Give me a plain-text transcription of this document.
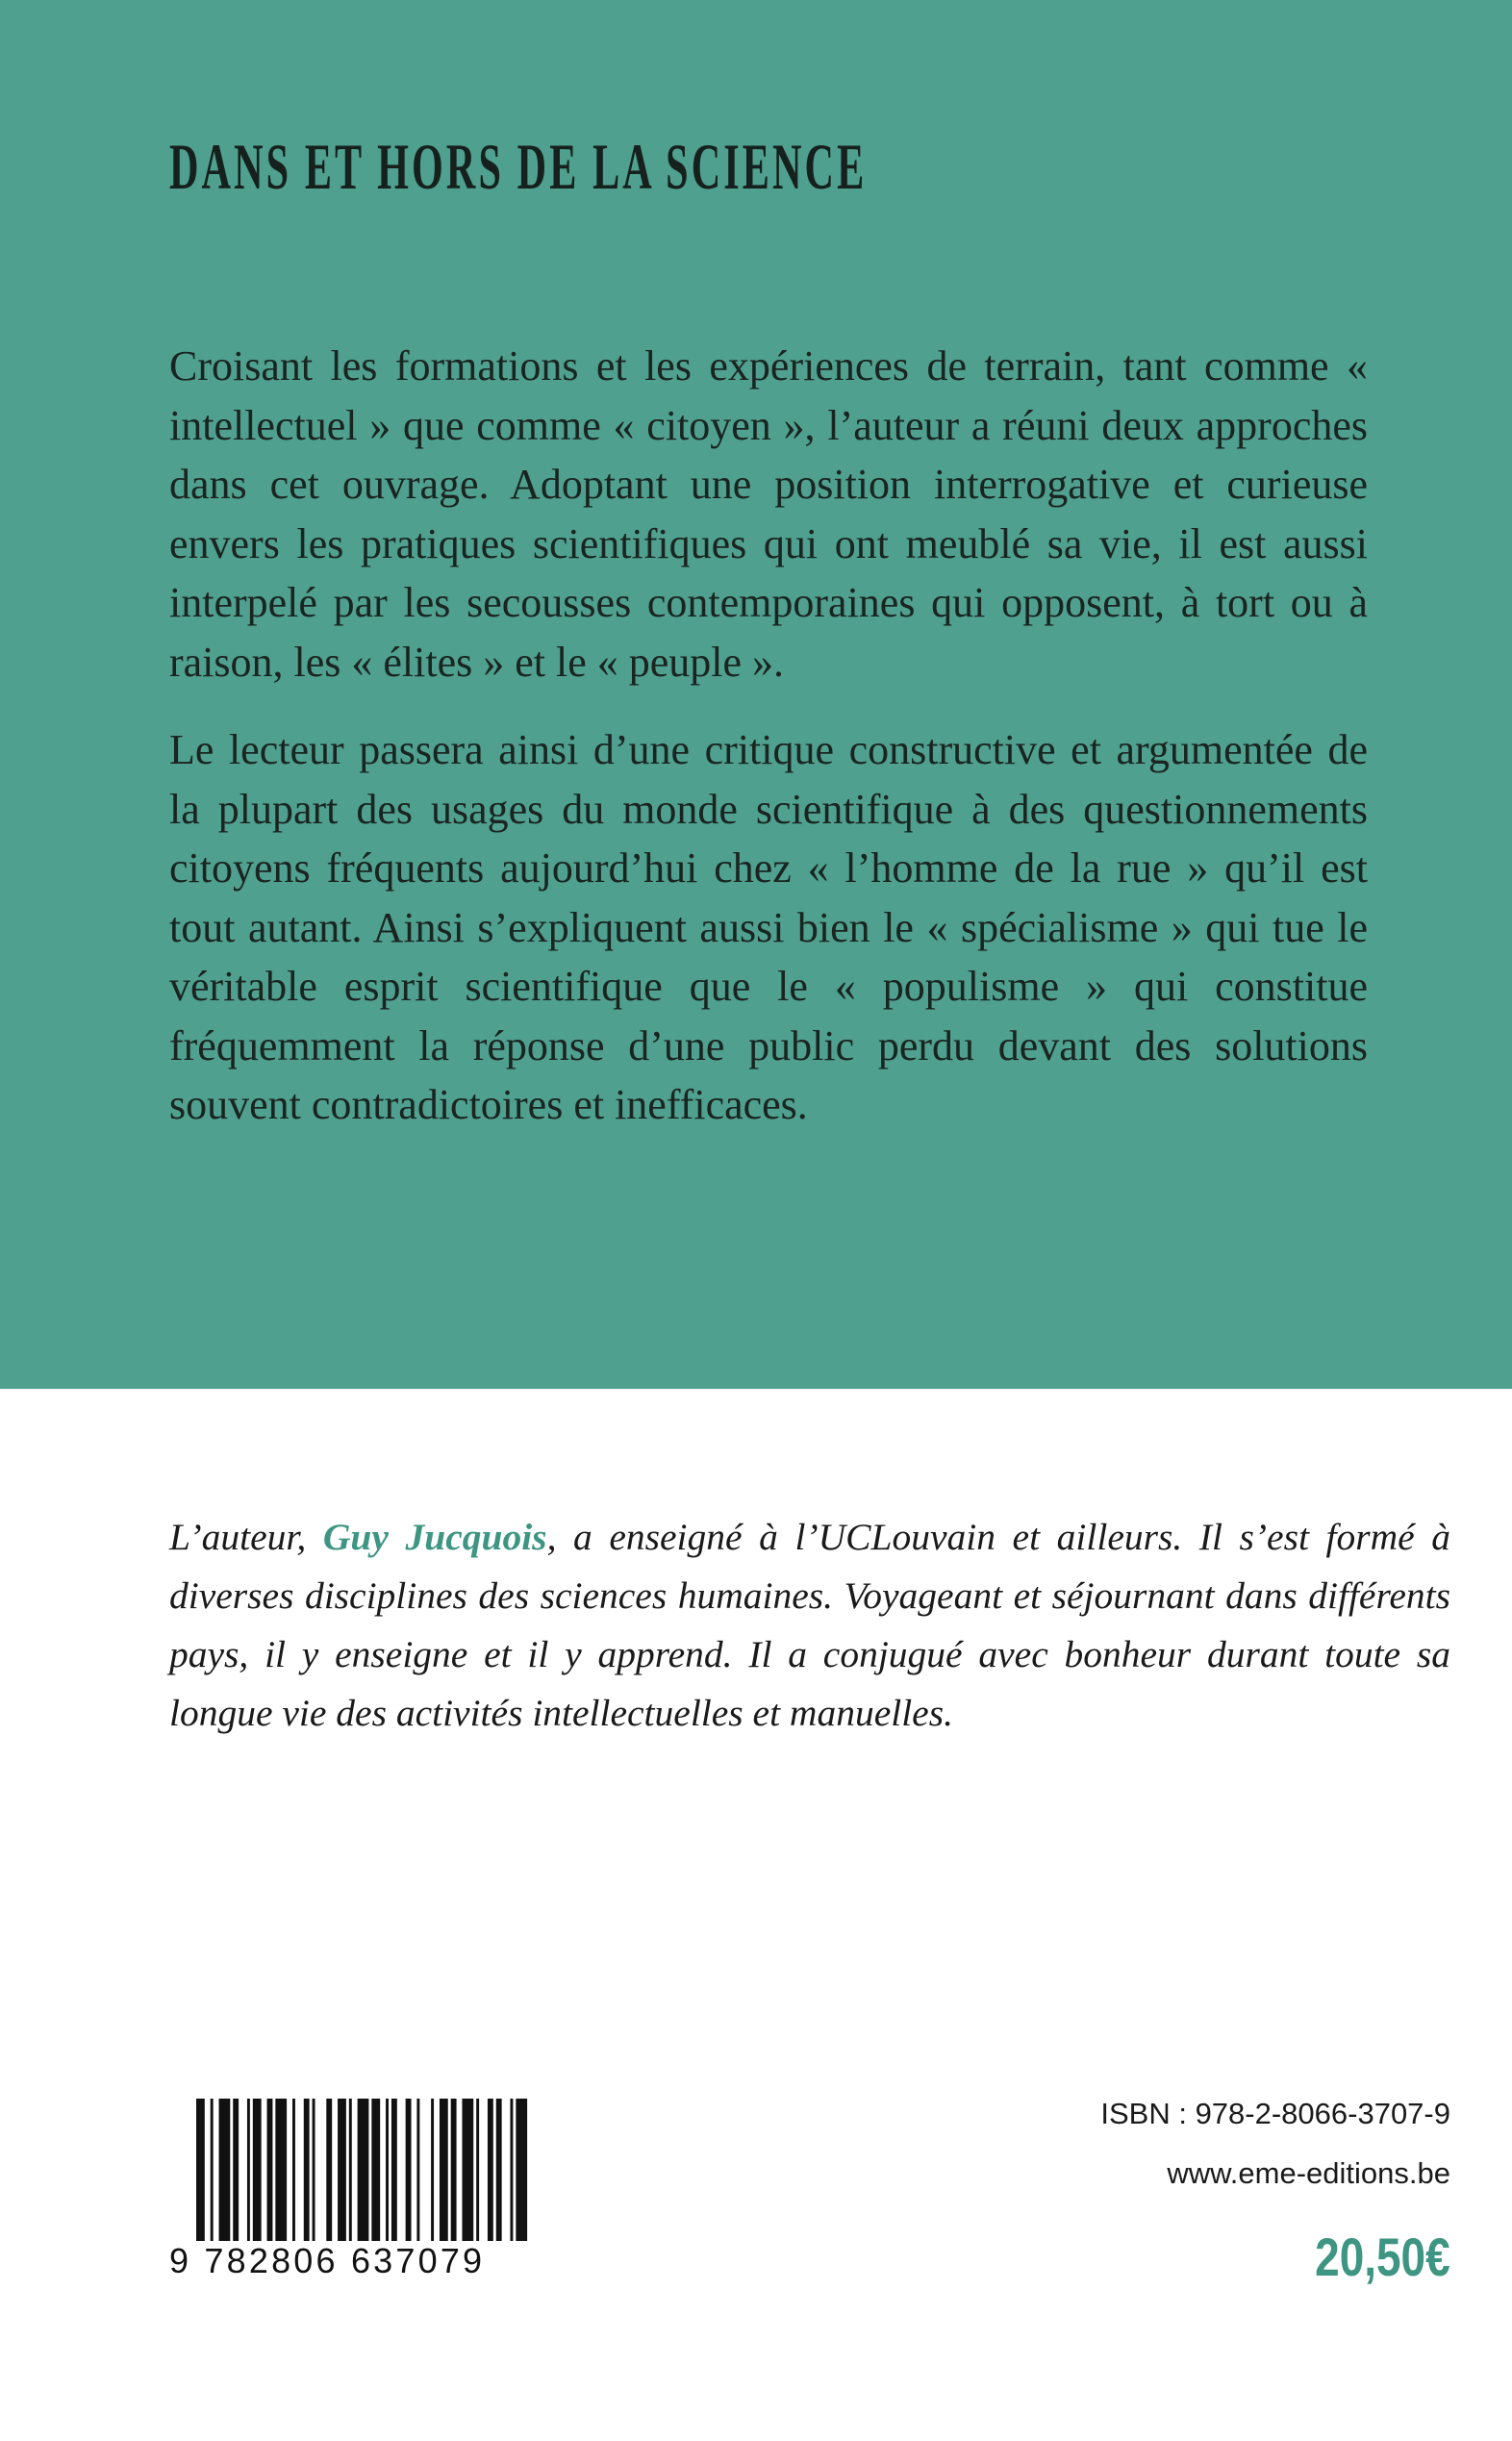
DANS ET HORS DE LA SCIENCE

Croisant les formations et les expériences de terrain, tant comme « intellectuel » que comme « citoyen », l’auteur a réuni deux approches dans cet ouvrage. Adoptant une position interrogative et curieuse envers les pratiques scientifiques qui ont meublé sa vie, il est aussi interpelé par les secousses contemporaines qui opposent, à tort ou à raison, les « élites » et le « peuple ».

Le lecteur passera ainsi d’une critique constructive et argumentée de la plupart des usages du monde scientifique à des questionnements citoyens fréquents aujourd’hui chez « l’homme de la rue » qu’il est tout autant. Ainsi s’expliquent aussi bien le « spécialisme » qui tue le véritable esprit scientifique que le « populisme » qui constitue fréquemment la réponse d’une public perdu devant des solutions souvent contradictoires et inefficaces.

L’auteur, Guy Jucquois, a enseigné à l’UCLouvain et ailleurs. Il s’est formé à diverses disciplines des sciences humaines. Voyageant et séjournant dans différents pays, il y enseigne et il y apprend. Il a conjugué avec bonheur durant toute sa longue vie des activités intellectuelles et manuelles.
9 782806 637079
ISBN : 978-2-8066-3707-9
www.eme-editions.be
20,50€
